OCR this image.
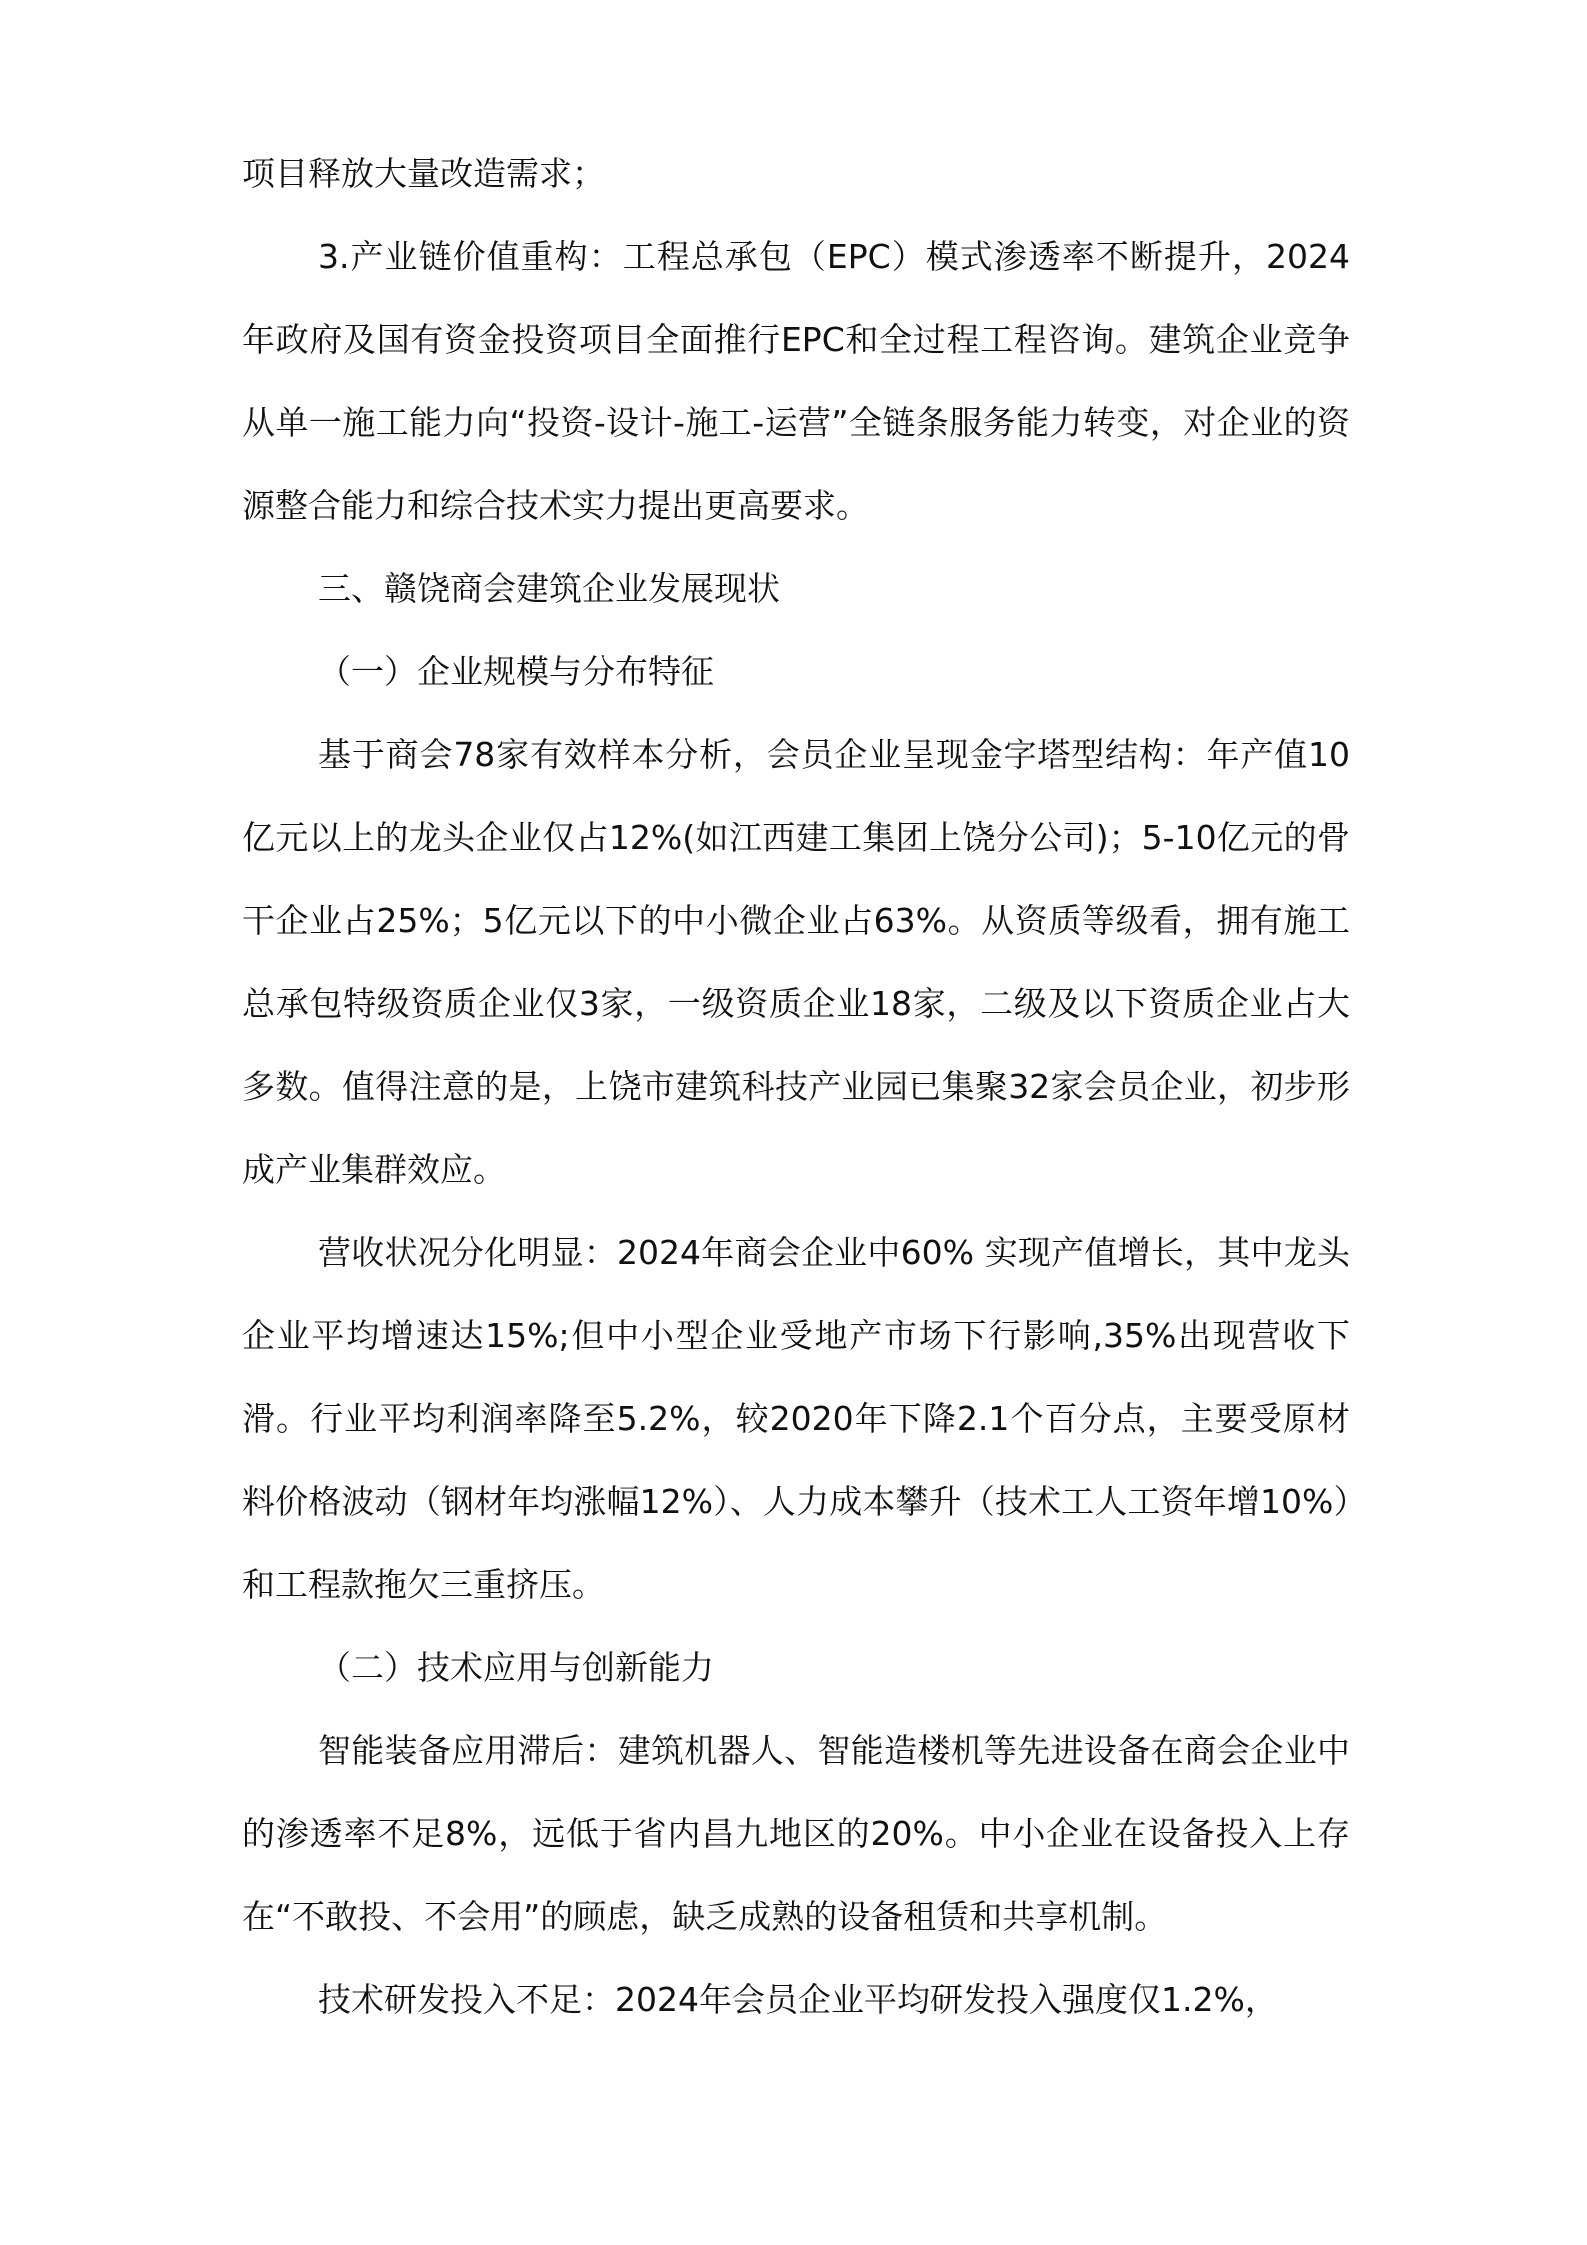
项目释放大量改造需求；

3.产业链价值重构：工程总承包（EPC）模式渗透率不断提升，2024年政府及国有资金投资项目全面推行EPC和全过程工程咨询。建筑企业竞争从单一施工能力向“投资-设计-施工-运营”全链条服务能力转变，对企业的资源整合能力和综合技术实力提出更高要求。

三、赣饶商会建筑企业发展现状

（一）企业规模与分布特征

基于商会78家有效样本分析，会员企业呈现金字塔型结构：年产值10亿元以上的龙头企业仅占12%(如江西建工集团上饶分公司)；5-10亿元的骨干企业占25%；5亿元以下的中小微企业占63%。从资质等级看，拥有施工总承包特级资质企业仅3家，一级资质企业18家，二级及以下资质企业占大多数。值得注意的是，上饶市建筑科技产业园已集聚32家会员企业，初步形成产业集群效应。

营收状况分化明显：2024年商会企业中60% 实现产值增长，其中龙头企业平均增速达15%;但中小型企业受地产市场下行影响,35%出现营收下滑。行业平均利润率降至5.2%，较2020年下降2.1个百分点，主要受原材料价格波动（钢材年均涨幅12%）、人力成本攀升（技术工人工资年增10%）和工程款拖欠三重挤压。

（二）技术应用与创新能力

智能装备应用滞后：建筑机器人、智能造楼机等先进设备在商会企业中的渗透率不足8%，远低于省内昌九地区的20%。中小企业在设备投入上存在“不敢投、不会用”的顾虑，缺乏成熟的设备租赁和共享机制。

技术研发投入不足：2024年会员企业平均研发投入强度仅1.2%，
